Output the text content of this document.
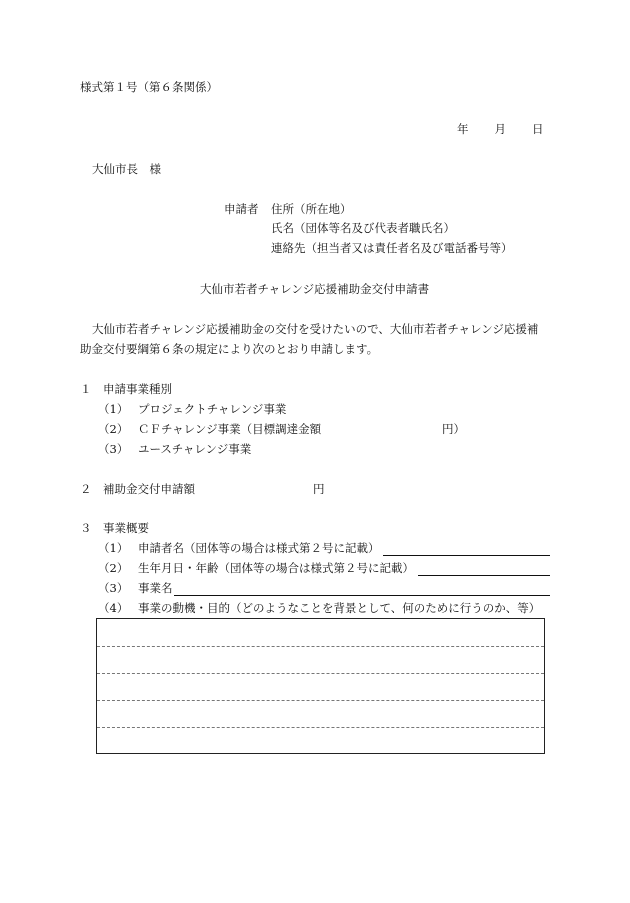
様式第１号（第６条関係）
年 月 日
大仙市長　様
申請者 住所（所在地）
氏名（団体等名及び代表者職氏名）
連絡先（担当者又は責任者名及び電話番号等）
大仙市若者チャレンジ応援補助金交付申請書
大仙市若者チャレンジ応援補助金の交付を受けたいので、大仙市若者チャレンジ応援補
助金交付要綱第６条の規定により次のとおり申請します。
１　申請事業種別
（1） プロジェクトチャレンジ事業
（2） ＣＦチャレンジ事業（目標調達金額	円）
（3） ユースチャレンジ事業
２　補助金交付申請額	円
３　事業概要
（1） 申請者名（団体等の場合は様式第２号に記載）
（2） 生年月日・年齢（団体等の場合は様式第２号に記載）
（3） 事業名
（4） 事業の動機・目的（どのようなことを背景として、何のために行うのか、等）
